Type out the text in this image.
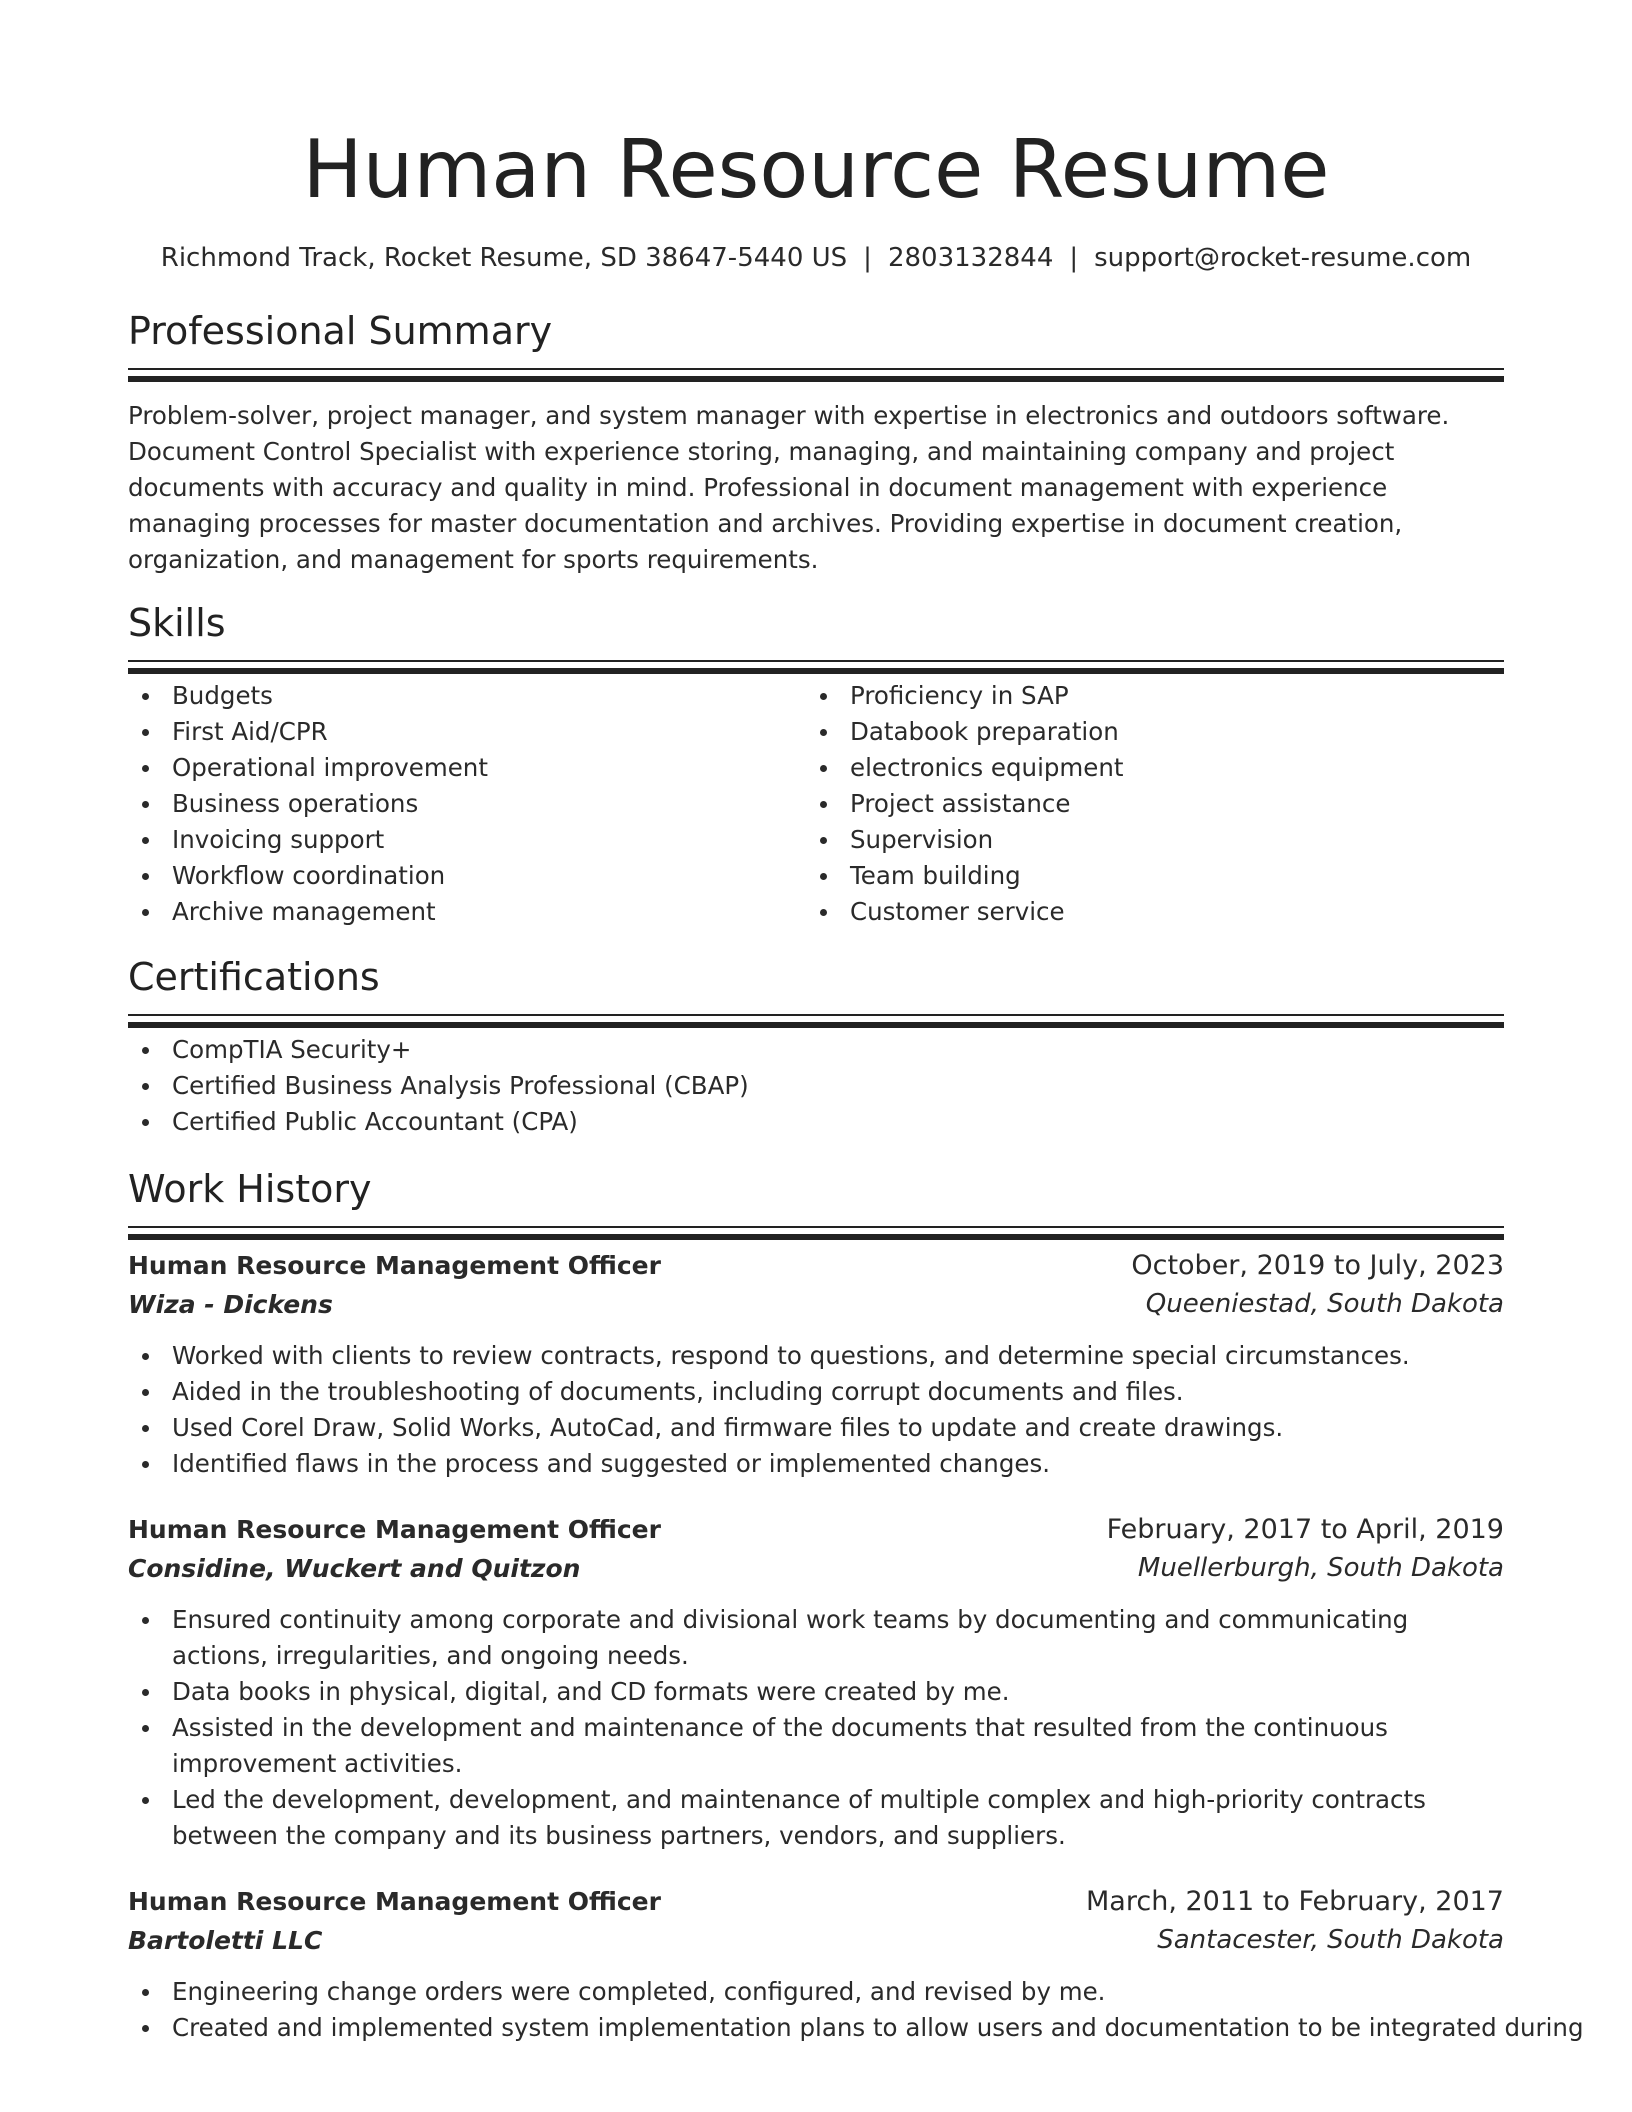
Human Resource Resume
Richmond Track, Rocket Resume, SD 38647-5440 US | 2803132844 | support@rocket-resume.com
Professional Summary

Problem-solver, project manager, and system manager with expertise in electronics and outdoors software. Document Control Specialist with experience storing, managing, and maintaining company and project documents with accuracy and quality in mind. Professional in document management with experience managing processes for master documentation and archives. Providing expertise in document creation, organization, and management for sports requirements.

Skills
Budgets
First Aid/CPR
Operational improvement
Business operations
Invoicing support
Workflow coordination
Archive management
Proficiency in SAP
Databook preparation
electronics equipment
Project assistance
Supervision
Team building
Customer service
Certifications
CompTIA Security+
Certified Business Analysis Professional (CBAP)
Certified Public Accountant (CPA)
Work History
Human Resource Management Officer	October, 2019 to July, 2023
Wiza - Dickens	Queeniestad, South Dakota
Worked with clients to review contracts, respond to questions, and determine special circumstances.
Aided in the troubleshooting of documents, including corrupt documents and files.
Used Corel Draw, Solid Works, AutoCad, and firmware files to update and create drawings.
Identified flaws in the process and suggested or implemented changes.
Human Resource Management Officer	February, 2017 to April, 2019
Considine, Wuckert and Quitzon	Muellerburgh, South Dakota
Ensured continuity among corporate and divisional work teams by documenting and communicating actions, irregularities, and ongoing needs.
Data books in physical, digital, and CD formats were created by me.
Assisted in the development and maintenance of the documents that resulted from the continuous improvement activities.
Led the development, development, and maintenance of multiple complex and high-priority contracts between the company and its business partners, vendors, and suppliers.
Human Resource Management Officer	March, 2011 to February, 2017
Bartoletti LLC	Santacester, South Dakota
Engineering change orders were completed, configured, and revised by me.
Created and implemented system implementation plans to allow users and documentation to be integrated during
